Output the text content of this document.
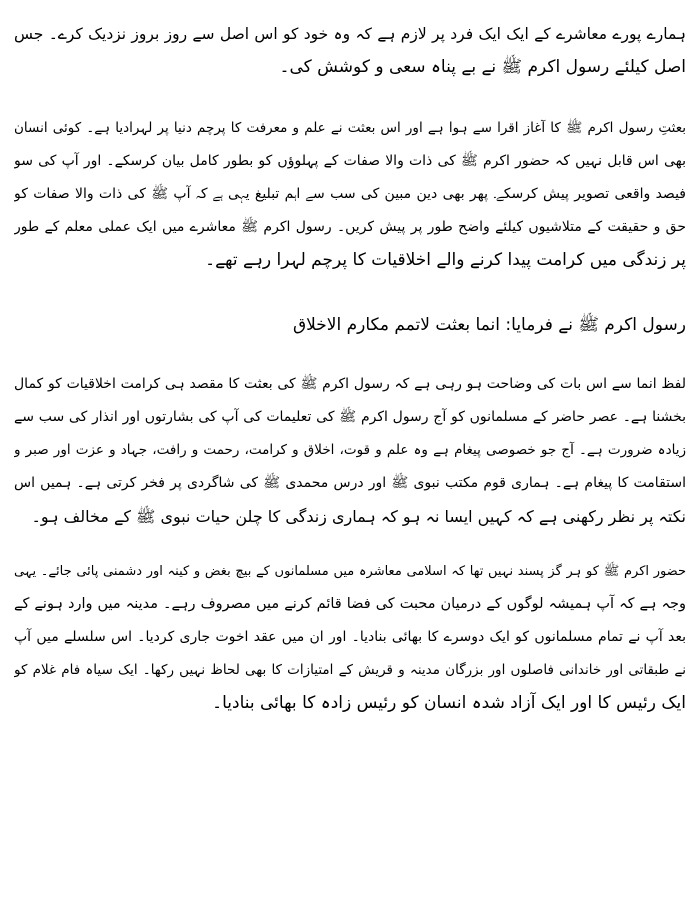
ہمارے پورے معاشرے کے ایک ایک فرد پر لازم ہے کہ وہ خود کو اس اصل سے روز بروز نزدیک کرے۔ جس
اصل کیلئے رسول اکرم ﷺ نے بے پناہ سعی و کوشش کی۔
بعثتِ رسول اکرم ﷺ کا آغاز اقرا سے ہوا ہے اور اس بعثت نے علم و معرفت کا پرچم دنیا پر لہرادیا ہے۔ کوئی انسان
بھی اس قابل نہیں کہ حضور اکرم ﷺ کی ذات والا صفات کے پہلوؤں کو بطور کامل بیان کرسکے۔ اور آپ کی سو
فیصد واقعی تصویر پیش کرسکے۔ پھر بھی دین مبین کی سب سے اہم تبلیغ یہی ہے کہ آپ ﷺ کی ذات والا صفات کو
حق و حقیقت کے متلاشیوں کیلئے واضح طور پر پیش کریں۔ رسول اکرم ﷺ معاشرے میں ایک عملی معلم کے طور
پر زندگی میں کرامت پیدا کرنے والے اخلاقیات کا پرچم لہرا رہے تھے۔
رسول اکرم ﷺ نے فرمایا: انما بعثت لاتمم مکارم الاخلاق
لفظ انما سے اس بات کی وضاحت ہو رہی ہے کہ رسول اکرم ﷺ کی بعثت کا مقصد ہی کرامت اخلاقیات کو کمال
بخشنا ہے۔ عصر حاضر کے مسلمانوں کو آج رسول اکرم ﷺ کی تعلیمات کی آپ کی بشارتوں اور انذار کی سب سے
زیادہ ضرورت ہے۔ آج جو خصوصی پیغام ہے وہ علم و قوت، اخلاق و کرامت، رحمت و رافت، جہاد و عزت اور صبر و
استقامت کا پیغام ہے۔ ہماری قوم مکتب نبوی ﷺ اور درس محمدی ﷺ کی شاگردی پر فخر کرتی ہے۔ ہمیں اس
نکتہ پر نظر رکھنی ہے کہ کہیں ایسا نہ ہو کہ ہماری زندگی کا چلن حیات نبوی ﷺ کے مخالف ہو۔
حضور اکرم ﷺ کو ہر گز پسند نہیں تھا کہ اسلامی معاشرہ میں مسلمانوں کے بیچ بغض و کینہ اور دشمنی پائی جائے۔ یہی
وجہ ہے کہ آپ ہمیشہ لوگوں کے درمیان محبت کی فضا قائم کرنے میں مصروف رہے۔ مدینہ میں وارد ہونے کے
بعد آپ نے تمام مسلمانوں کو ایک دوسرے کا بھائی بنادیا۔ اور ان میں عقد اخوت جاری کردیا۔ اس سلسلے میں آپ
نے طبقاتی اور خاندانی فاصلوں اور بزرگان مدینہ و قریش کے امتیازات کا بھی لحاظ نہیں رکھا۔ ایک سیاہ فام غلام کو
ایک رئیس کا اور ایک آزاد شدہ انسان کو رئیس زادہ کا بھائی بنادیا۔
